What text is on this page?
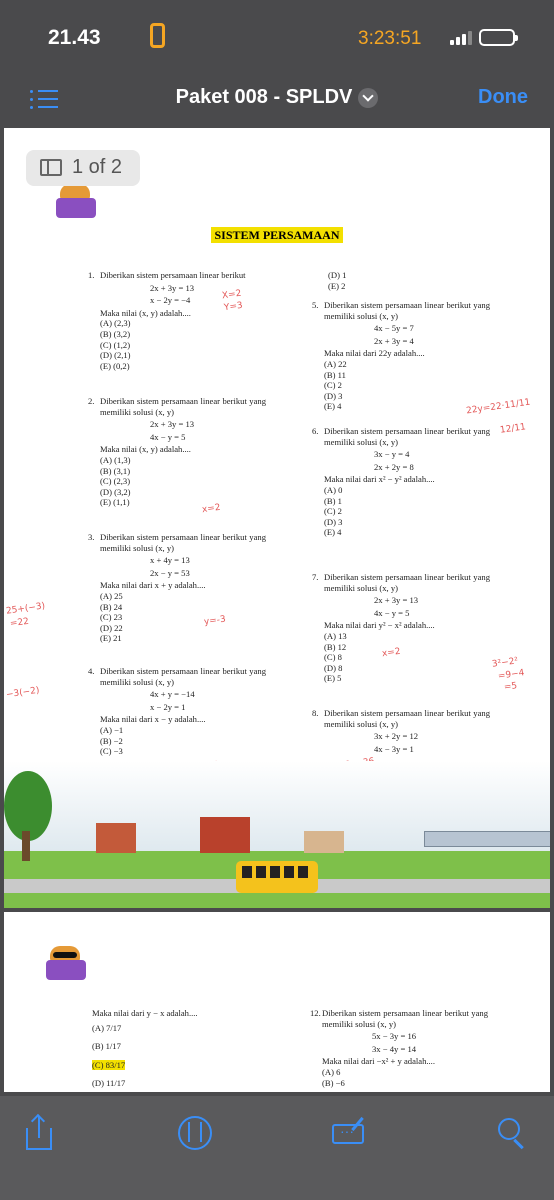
21.43	3:23:51
Paket 008 - SPLDV	Done
1 of 2
SISTEM PERSAMAAN
1. Diberikan sistem persamaan linear berikut
2x + 3y = 13
x − 2y = −4
Maka nilai (x, y) adalah....
(A) (2,3)
(B) (3,2)
(C) (1,2)
(D) (2,1)
(E) (0,2)
2. Diberikan sistem persamaan linear berikut yang memiliki solusi (x, y)
2x + 3y = 13
4x − y = 5
Maka nilai (x, y) adalah....
(A) (1,3)
(B) (3,1)
(C) (2,3)
(D) (3,2)
(E) (1,1)
3. Diberikan sistem persamaan linear berikut yang memiliki solusi (x, y)
x + 4y = 13
2x − y = 53
Maka nilai dari x + y adalah....
(A) 25
(B) 24
(C) 23
(D) 22
(E) 21
4. Diberikan sistem persamaan linear berikut yang memiliki solusi (x, y)
4x + y = −14
x − 2y = 1
Maka nilai dari x − y adalah....
(A) −1
(B) −2
(C) −3
(D) 1
(E) 2
5. Diberikan sistem persamaan linear berikut yang memiliki solusi (x, y)
4x − 5y = 7
2x + 3y = 4
Maka nilai dari 22y adalah....
(A) 22
(B) 11
(C) 2
(D) 3
(E) 4
6. Diberikan sistem persamaan linear berikut yang memiliki solusi (x, y)
3x − y = 4
2x + 2y = 8
Maka nilai dari x² − y² adalah....
(A) 0
(B) 1
(C) 2
(D) 3
(E) 4
7. Diberikan sistem persamaan linear berikut yang memiliki solusi (x, y)
2x + 3y = 13
4x − y = 5
Maka nilai dari y² − x² adalah....
(A) 13
(B) 12
(C) 8
(D) 8
(E) 5
8. Diberikan sistem persamaan linear berikut yang memiliki solusi (x, y)
3x + 2y = 12
4x − 3y = 1
X=2
Y=3
x=2
y=-3
x=2
22y=22·11/11
12/11
−3(−2)
25+(−3)
=22
3²−2²
=9−4
=5
Maka nilai dari y − x adalah....
(A) 7/17
(B) 1/17
(C) 83/17
(D) 11/17
12. Diberikan sistem persamaan linear berikut yang memiliki solusi (x, y)
5x − 3y = 16
3x − 4y = 14
Maka nilai dari −x² + y adalah....
(A) 6
(B) −6
···
